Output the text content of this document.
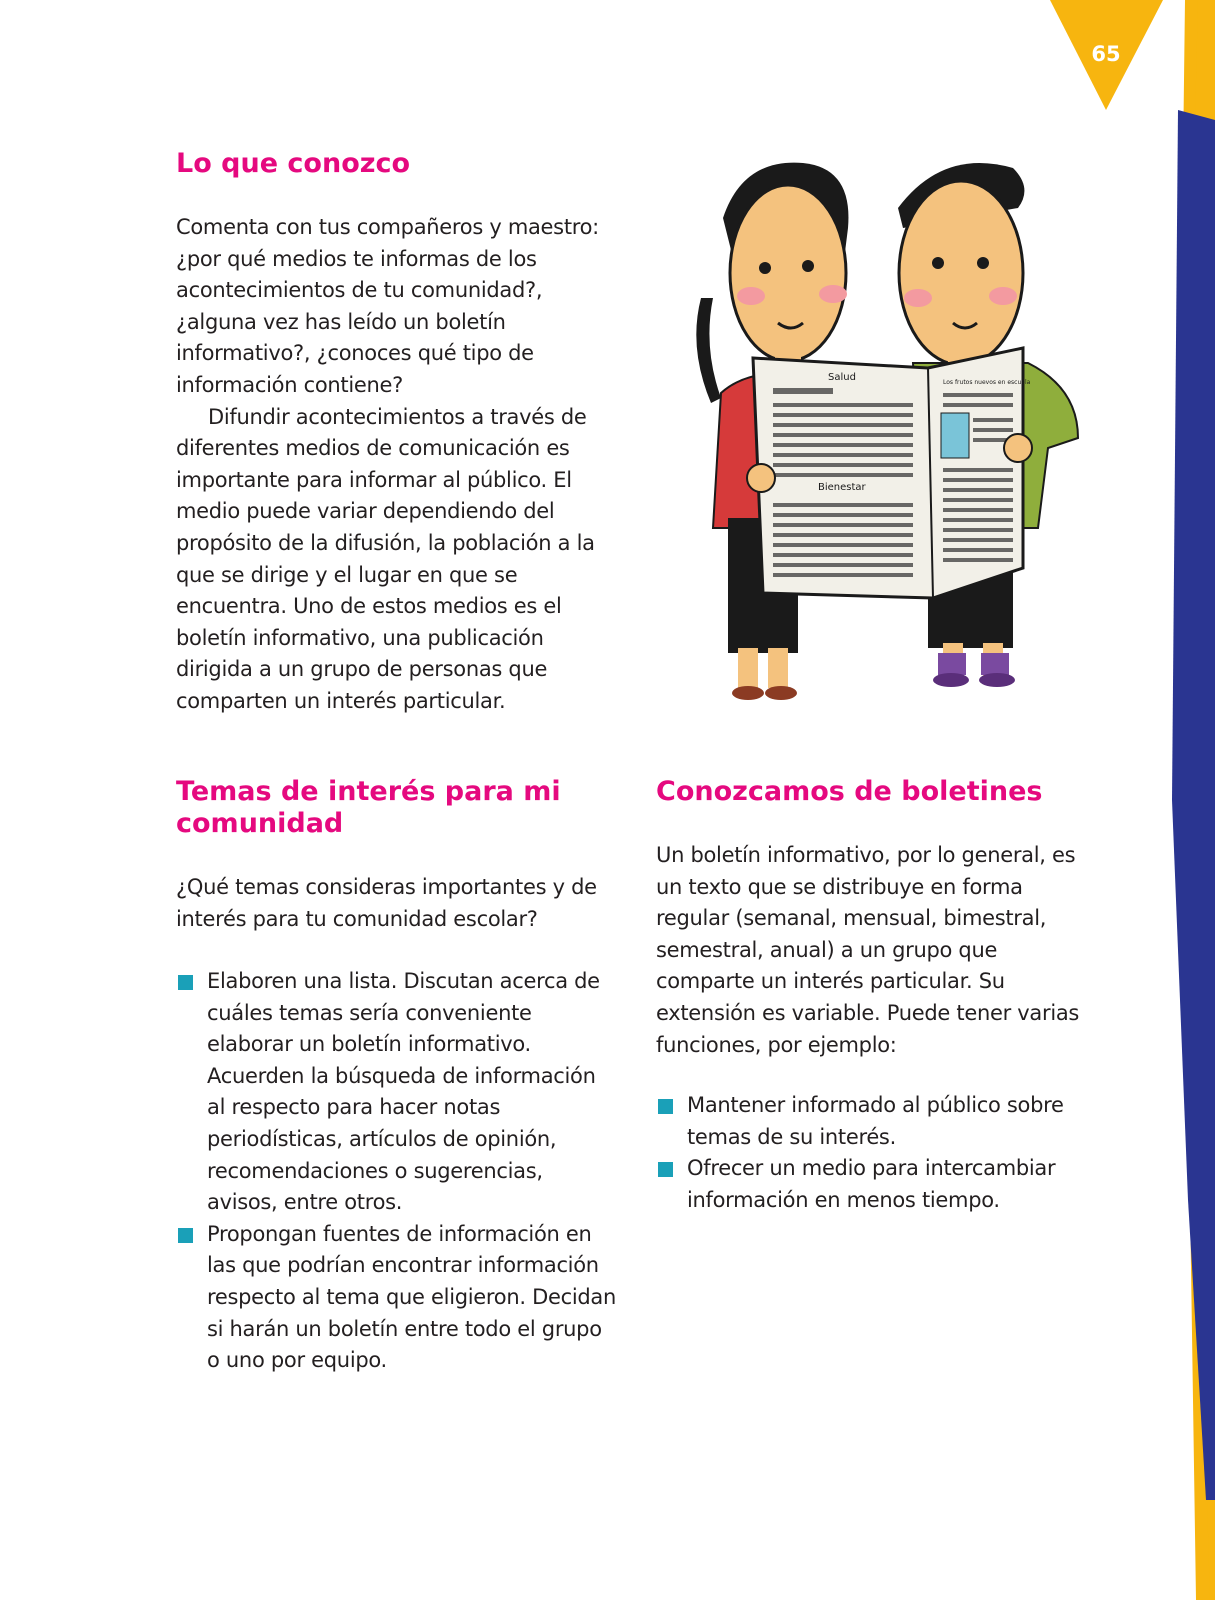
65
Lo que conozco

Comenta con tus compañeros y maestro: ¿por qué medios te informas de los acontecimientos de tu comunidad?, ¿alguna vez has leído un boletín informativo?, ¿conoces qué tipo de información contiene?

Difundir acontecimientos a través de diferentes medios de comunicación es importante para informar al público. El medio puede variar dependiendo del propósito de la difusión, la población a la que se dirige y el lugar en que se encuentra. Uno de estos medios es el boletín informativo, una publicación dirigida a un grupo de personas que comparten un interés particular.

Salud	Los frutos nuevos en escuela
Bienestar
Temas de interés para mi comunidad

¿Qué temas consideras importantes y de interés para tu comunidad escolar?

Elaboren una lista. Discutan acerca de cuáles temas sería conveniente elaborar un boletín informativo. Acuerden la búsqueda de información al respecto para hacer notas periodísticas, artículos de opinión, recomendaciones o sugerencias, avisos, entre otros.
Propongan fuentes de información en las que podrían encontrar información respecto al tema que eligieron. Decidan si harán un boletín entre todo el grupo o uno por equipo.
Conozcamos de boletines

Un boletín informativo, por lo general, es un texto que se distribuye en forma regular (semanal, mensual, bimestral, semestral, anual) a un grupo que comparte un interés particular. Su extensión es variable. Puede tener varias funciones, por ejemplo:

Mantener informado al público sobre temas de su interés.
Ofrecer un medio para intercambiar información en menos tiempo.
